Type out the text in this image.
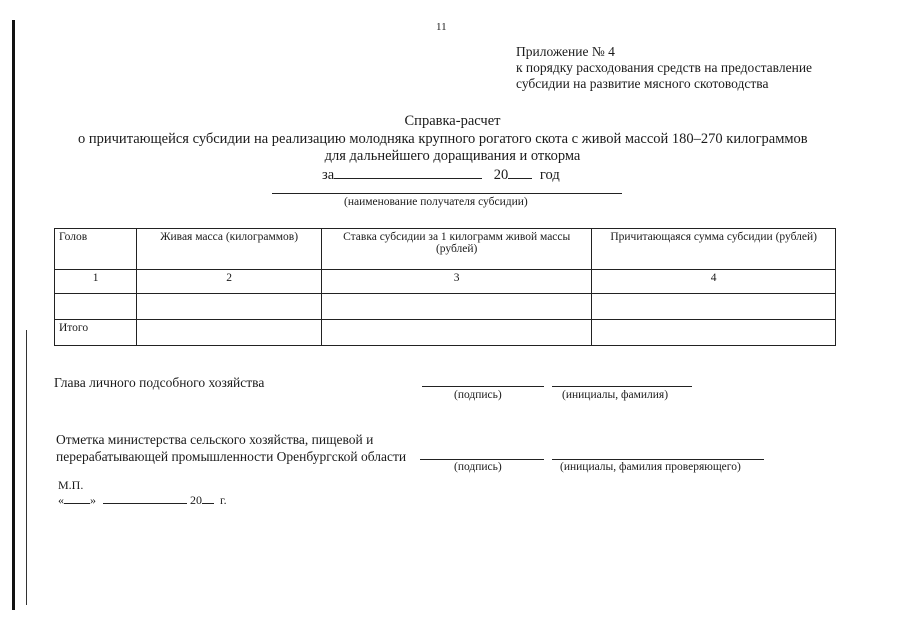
11
Приложение № 4
к порядку расходования средств на предоставление
субсидии на развитие мясного скотоводства
Справка-расчет
о причитающейся субсидии на реализацию молодняка крупного рогатого скота с живой массой 180–270 килограммов
для дальнейшего доращивания и откорма
за	20 год
(наименование получателя субсидии)
Голов	Живая масса (килограммов)	Ставка субсидии за 1 килограмм живой массы (рублей)	Причитающаяся сумма субсидии (рублей)
1	2	3	4

Итого			
Глава личного подсобного хозяйства
(подпись)	(инициалы, фамилия)
Отметка министерства сельского хозяйства, пищевой и
перерабатывающей промышленности Оренбургской области
(подпись)	(инициалы, фамилия проверяющего)
М.П.
« »	20 г.
